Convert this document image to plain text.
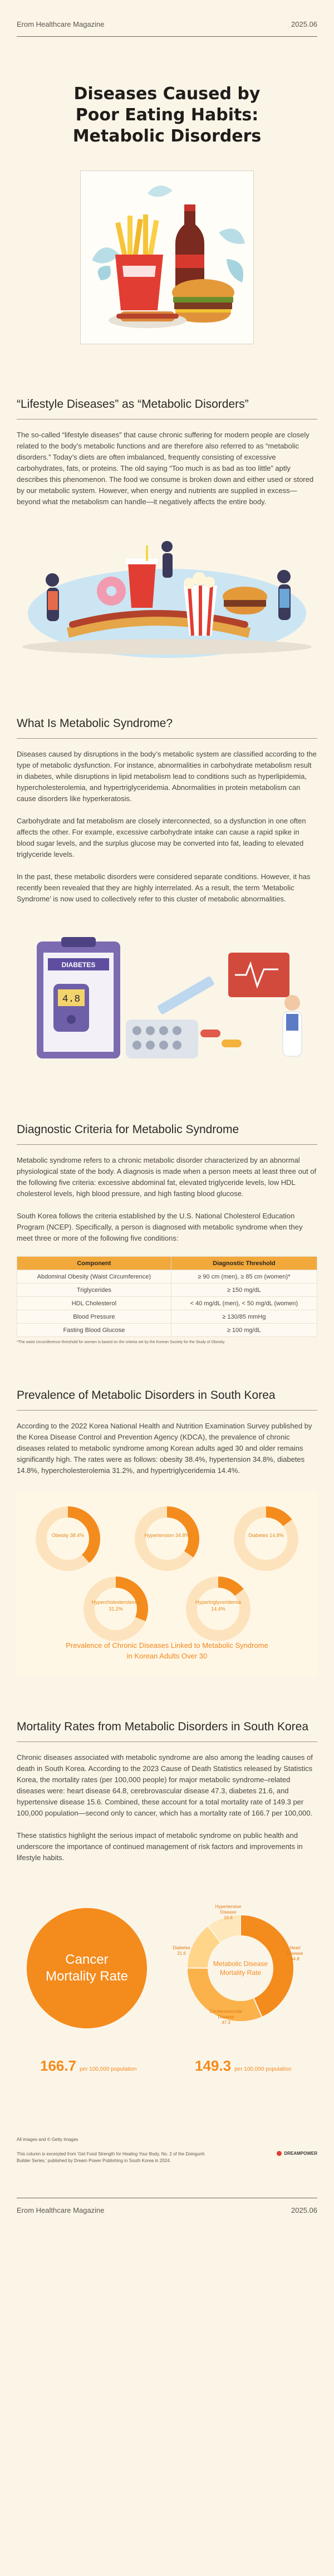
Erom Healthcare Magazine	2025.06
Diseases Caused by
Poor Eating Habits:
Metabolic Disorders
“Lifestyle Diseases” as “Metabolic Disorders”

The so-called “lifestyle diseases” that cause chronic suffering for modern people are closely related to the body’s metabolic functions and are therefore also referred to as “metabolic disorders.” Today’s diets are often imbalanced, frequently consisting of excessive carbohydrates, fats, or proteins. The old saying “Too much is as bad as too little” aptly describes this phenomenon. The food we consume is broken down and either used or stored by our metabolic system. However, when energy and nutrients are supplied in excess—beyond what the metabolism can handle—it negatively affects the entire body.

What Is Metabolic Syndrome?

Diseases caused by disruptions in the body’s metabolic system are classified according to the type of metabolic dysfunction. For instance, abnormalities in carbohydrate metabolism result in diabetes, while disruptions in lipid metabolism lead to conditions such as hyperlipidemia, hypercholesterolemia, and hypertriglyceridemia. Abnormalities in protein metabolism can cause disorders like hyperkeratosis.

Carbohydrate and fat metabolism are closely interconnected, so a dysfunction in one often affects the other. For example, excessive carbohydrate intake can cause a rapid spike in blood sugar levels, and the surplus glucose may be converted into fat, leading to elevated triglyceride levels.

In the past, these metabolic disorders were considered separate conditions. However, it has recently been revealed that they are highly interrelated. As a result, the term ‘Metabolic Syndrome’ is now used to collectively refer to this cluster of metabolic abnormalities.

DIABETES
4.8
Diagnostic Criteria for Metabolic Syndrome

Metabolic syndrome refers to a chronic metabolic disorder characterized by an abnormal physiological state of the body. A diagnosis is made when a person meets at least three out of the following five criteria: excessive abdominal fat, elevated triglyceride levels, low HDL cholesterol levels, high blood pressure, and high fasting blood glucose.

South Korea follows the criteria established by the U.S. National Cholesterol Education Program (NCEP). Specifically, a person is diagnosed with metabolic syndrome when they meet three or more of the following five conditions:

Component	Diagnostic Threshold
Abdominal Obesity (Waist Circumference)	≥ 90 cm (men), ≥ 85 cm (women)*
Triglycerides	≥ 150 mg/dL
HDL Cholesterol	< 40 mg/dL (men), < 50 mg/dL (women)
Blood Pressure	≥ 130/85 mmHg
Fasting Blood Glucose	≥ 100 mg/dL

*The waist circumference threshold for women is based on the criteria set by the Korean Society for the Study of Obesity.

Prevalence of Metabolic Disorders in South Korea

According to the 2022 Korea National Health and Nutrition Examination Survey published by the Korea Disease Control and Prevention Agency (KDCA), the prevalence of chronic diseases related to metabolic syndrome among Korean adults aged 30 and older remains significantly high. The rates were as follows: obesity 38.4%, hypertension 34.8%, diabetes 14.8%, hypercholesterolemia 31.2%, and hypertriglyceridemia 14.4%.

Obesity 38.4%	Hypertension 34.8%	Diabetes 14.8%
Hypercholesterolemia
31.2%
Hypertriglyceridemia
14.4%
Prevalence of Chronic Diseases Linked to Metabolic Syndrome
in Korean Adults Over 30
Mortality Rates from Metabolic Disorders in South Korea

Chronic diseases associated with metabolic syndrome are also among the leading causes of death in South Korea. According to the 2023 Cause of Death Statistics released by Statistics Korea, the mortality rates (per 100,000 people) for major metabolic syndrome–related diseases were: heart disease 64.8, cerebrovascular disease 47.3, diabetes 21.6, and hypertensive disease 15.6. Combined, these account for a total mortality rate of 149.3 per 100,000 population—second only to cancer, which has a mortality rate of 166.7 per 100,000.

These statistics highlight the serious impact of metabolic syndrome on public health and underscore the importance of continued management of risk factors and improvements in lifestyle habits.

Cancer
Mortality Rate
Metabolic Disease
Mortality Rate
Heart
Disease
64.8
Cerebrovascular
Disease
47.3
Diabetes
21.6
Hypertensive
Disease
15.6
166.7 per 100,000 population	149.3 per 100,000 population
All images and © Getty Images
This column is excerpted from 'Get Food Strength for Healing Your Body, No. 2 of the Doingunh Builder Series,' published by Dream Power Publishing in South Korea in 2024.
DREAMPOWER
Erom Healthcare Magazine	2025.06
